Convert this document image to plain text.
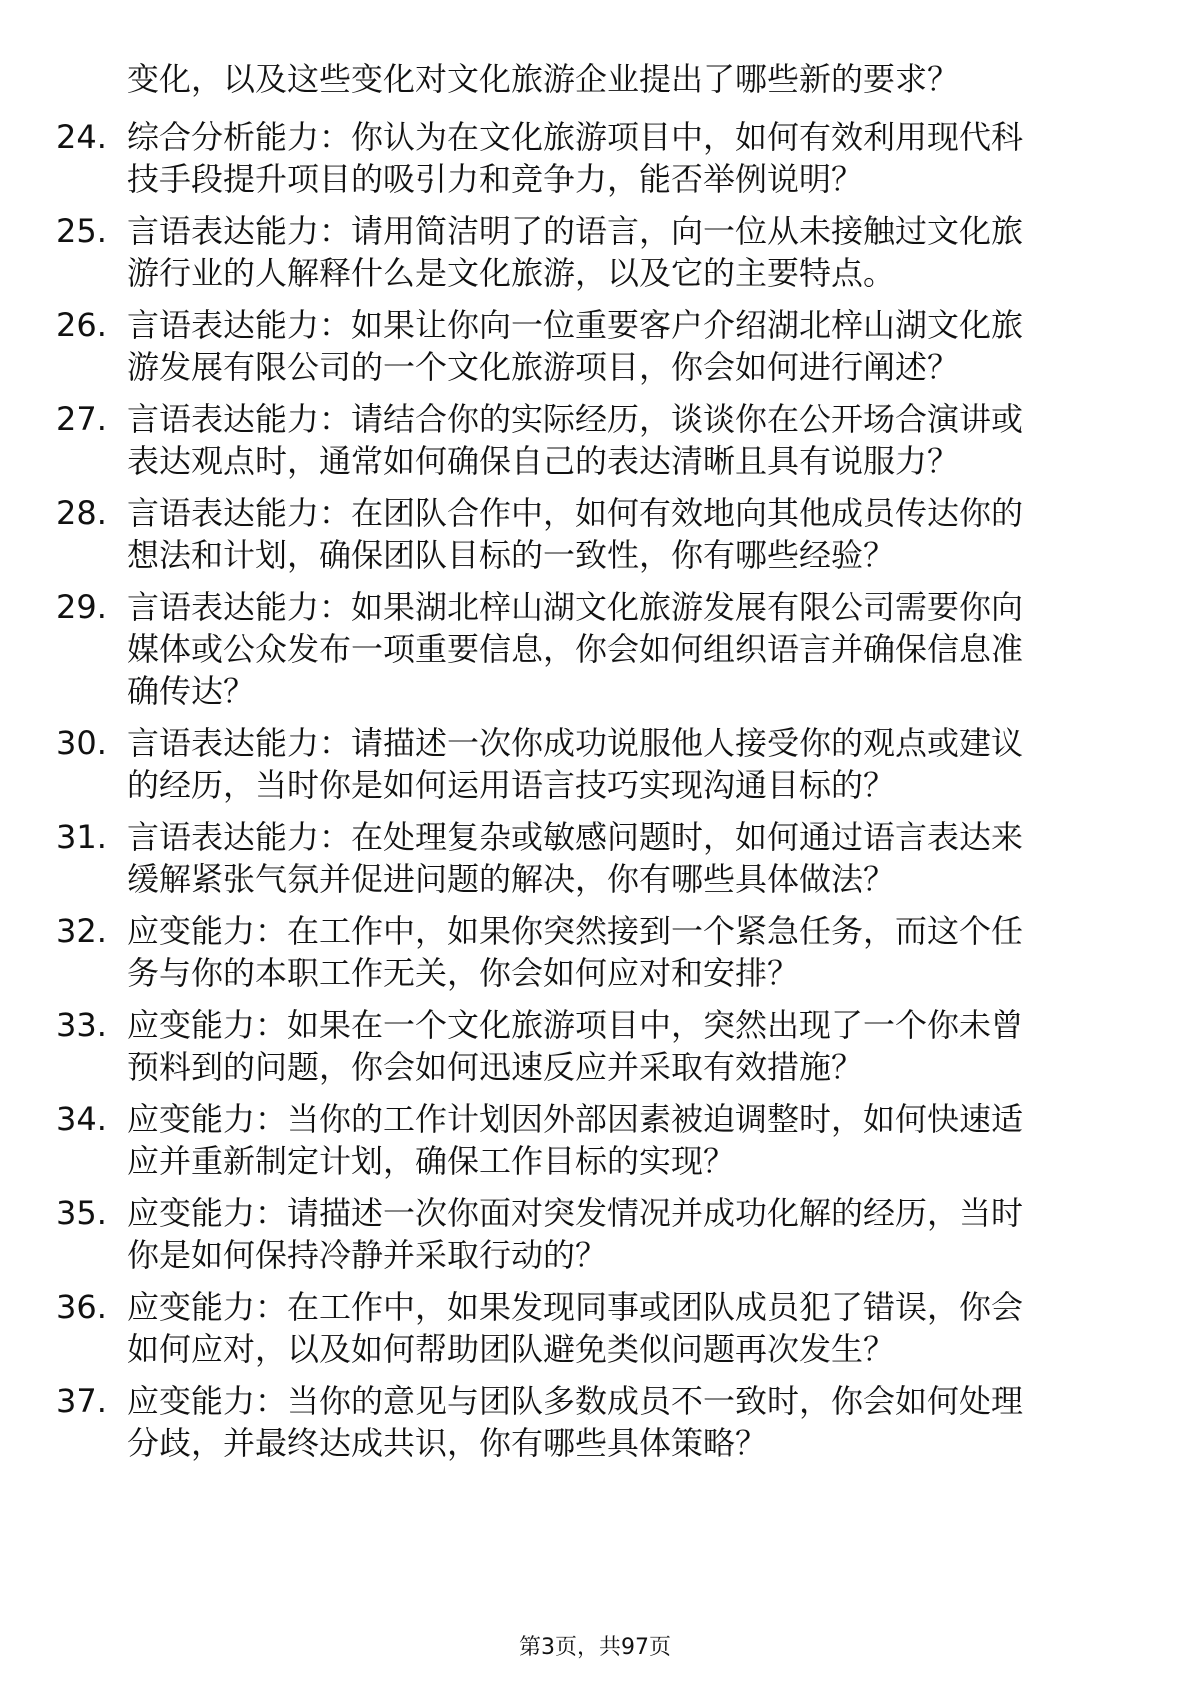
变化，以及这些变化对文化旅游企业提出了哪些新的要求？
24. 综合分析能力：你认为在文化旅游项目中，如何有效利用现代科
技手段提升项目的吸引力和竞争力，能否举例说明？
25. 言语表达能力：请用简洁明了的语言，向一位从未接触过文化旅
游行业的人解释什么是文化旅游，以及它的主要特点。
26. 言语表达能力：如果让你向一位重要客户介绍湖北梓山湖文化旅
游发展有限公司的一个文化旅游项目，你会如何进行阐述？
27. 言语表达能力：请结合你的实际经历，谈谈你在公开场合演讲或
表达观点时，通常如何确保自己的表达清晰且具有说服力？
28. 言语表达能力：在团队合作中，如何有效地向其他成员传达你的
想法和计划，确保团队目标的一致性，你有哪些经验？
29. 言语表达能力：如果湖北梓山湖文化旅游发展有限公司需要你向
媒体或公众发布一项重要信息，你会如何组织语言并确保信息准
确传达？
30. 言语表达能力：请描述一次你成功说服他人接受你的观点或建议
的经历，当时你是如何运用语言技巧实现沟通目标的？
31. 言语表达能力：在处理复杂或敏感问题时，如何通过语言表达来
缓解紧张气氛并促进问题的解决，你有哪些具体做法？
32. 应变能力：在工作中，如果你突然接到一个紧急任务，而这个任
务与你的本职工作无关，你会如何应对和安排？
33. 应变能力：如果在一个文化旅游项目中，突然出现了一个你未曾
预料到的问题，你会如何迅速反应并采取有效措施？
34. 应变能力：当你的工作计划因外部因素被迫调整时，如何快速适
应并重新制定计划，确保工作目标的实现？
35. 应变能力：请描述一次你面对突发情况并成功化解的经历，当时
你是如何保持冷静并采取行动的？
36. 应变能力：在工作中，如果发现同事或团队成员犯了错误，你会
如何应对，以及如何帮助团队避免类似问题再次发生？
37. 应变能力：当你的意见与团队多数成员不一致时，你会如何处理
分歧，并最终达成共识，你有哪些具体策略？
第3页，共97页
